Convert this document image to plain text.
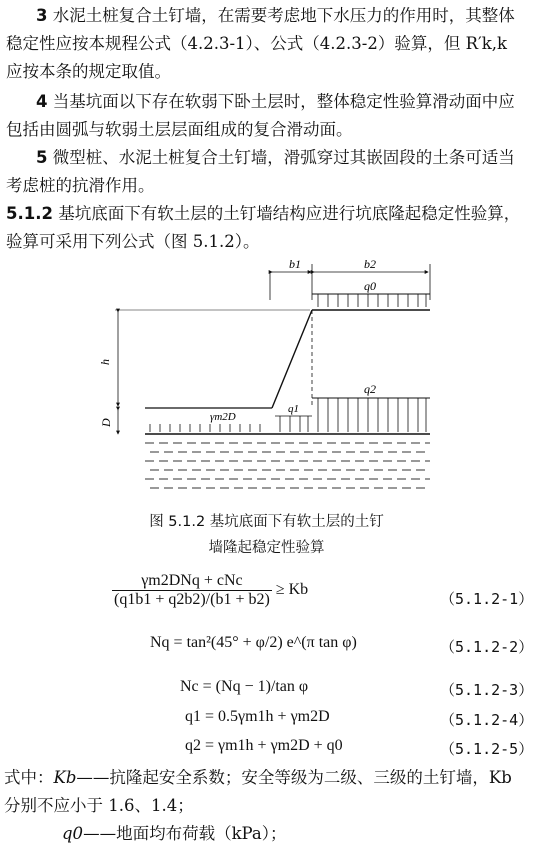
3 水泥土桩复合土钉墙，在需要考虑地下水压力的作用时，其整体稳定性应按本规程公式（4.2.3-1）、公式（4.2.3-2）验算，但 R′k,k 应按本条的规定取值。
4 当基坑面以下存在软弱下卧土层时，整体稳定性验算滑动面中应包括由圆弧与软弱土层层面组成的复合滑动面。
5 微型桩、水泥土桩复合土钉墙，滑弧穿过其嵌固段的土条可适当考虑桩的抗滑作用。
5.1.2 基坑底面下有软土层的土钉墙结构应进行坑底隆起稳定性验算，验算可采用下列公式（图 5.1.2）。
b1	b2
q0
h
D	γm2D
q1
q2
图 5.1.2 基坑底面下有软土层的土钉
墙隆起稳定性验算
$\frac{\text{γm2DNq + cNc}}{(q1b1 + q2b2)/(b1 + b2)} \ge Kb$
（5.1.2-1）
Nq = tan²(45° + φ/2) e^(π tan φ)	（5.1.2-2）
Nc = (Nq − 1)/tan φ	（5.1.2-3）
q1 = 0.5γm1h + γm2D	（5.1.2-4）
q2 = γm1h + γm2D + q0	（5.1.2-5）
式中：Kb——抗隆起安全系数；安全等级为二级、三级的土钉墙，Kb分别不应小于 1.6、1.4；
q0——地面均布荷载（kPa）；
